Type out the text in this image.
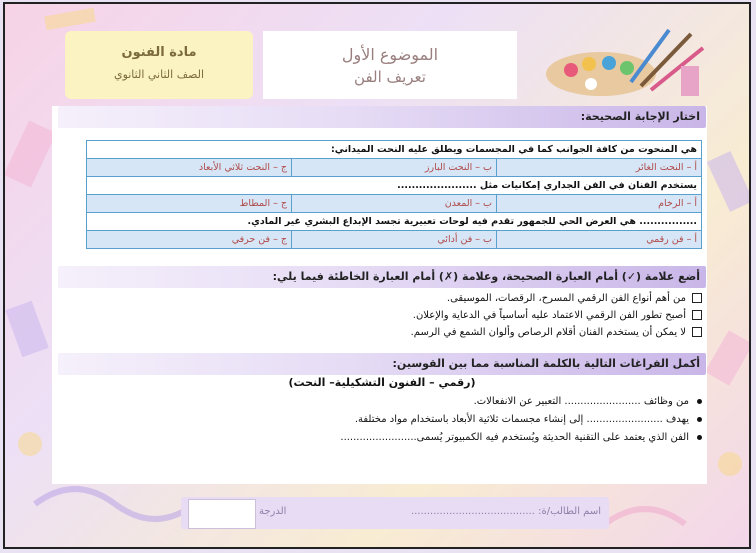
مادة الفنون
الصف الثاني الثانوي
الموضوع الأول
تعريف الفن
اختار الإجابة الصحيحة:
هي المنحوت من كافة الجوانب كما في المجسمات ويطلق عليه النحت الميداني:		
أ – النحت الغائر	ب – النحت البارز	ج – النحت ثلاثي الأبعاد
يستخدم الفنان في الفن الجداري إمكانيات مثل ......................		
أ – الرخام	ب – المعدن	ج – المطاط
................ هي العرض الحي للجمهور تقدم فيه لوحات تعبيرية تجسد الإبداع البشري غير المادي.		
أ – فن رقمي	ب – فن أدائي	ج – فن حرفي
أضع علامة (✓) أمام العبارة الصحيحة، وعلامة (✗) أمام العبارة الخاطئة فيما يلي:
من أهم أنواع الفن الرقمي المسرح، الرقصات، الموسيقى.
أصبح تطور الفن الرقمي الاعتماد عليه أساسياً في الدعاية والإعلان.
لا يمكن أن يستخدم الفنان أقلام الرصاص وألوان الشمع في الرسم.
أكمل الفراغات التالية بالكلمة المناسبة مما بين القوسين:
(رقمي – الفنون التشكيلية– النحت)
من وظائف ........................ التعبير عن الانفعالات.
يهدف ........................ إلى إنشاء مجسمات ثلاثية الأبعاد باستخدام مواد مختلفة.
الفن الذي يعتمد على التقنية الحديثة ويُستخدم فيه الكمبيوتر يُسمى........................
الدرجة	اسم الطالب/ة: .......................................
